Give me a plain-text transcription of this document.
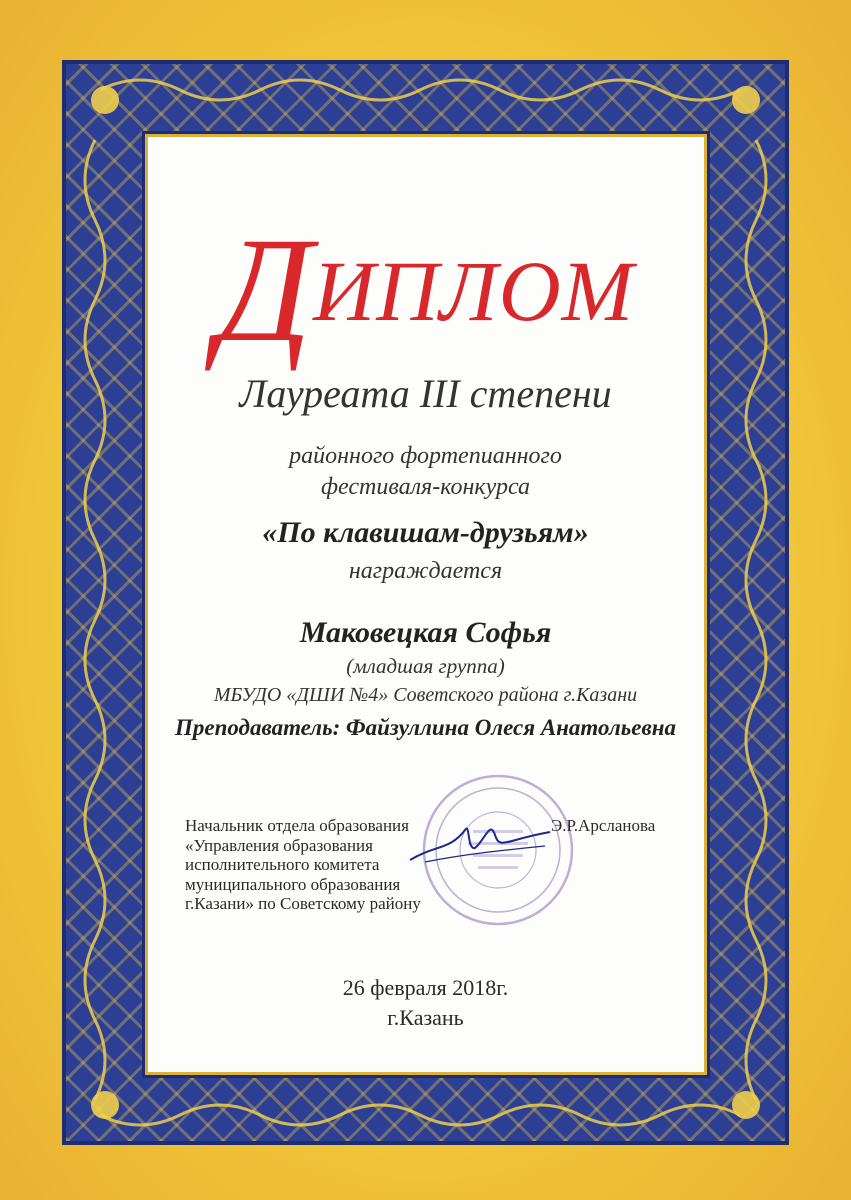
ДИПЛОМ
Лауреата III степени
районного фортепианного
фестиваля-конкурса
«По клавишам-друзьям»
награждается
Маковецкая Софья
(младшая группа)
МБУДО «ДШИ №4» Советского района г.Казани
Преподаватель: Файзуллина Олеся Анатольевна
Начальник отдела образования
«Управления образования
исполнительного комитета
муниципального образования
г.Казани» по Советскому району
Э.Р.Арсланова
26 февраля 2018г.
г.Казань
